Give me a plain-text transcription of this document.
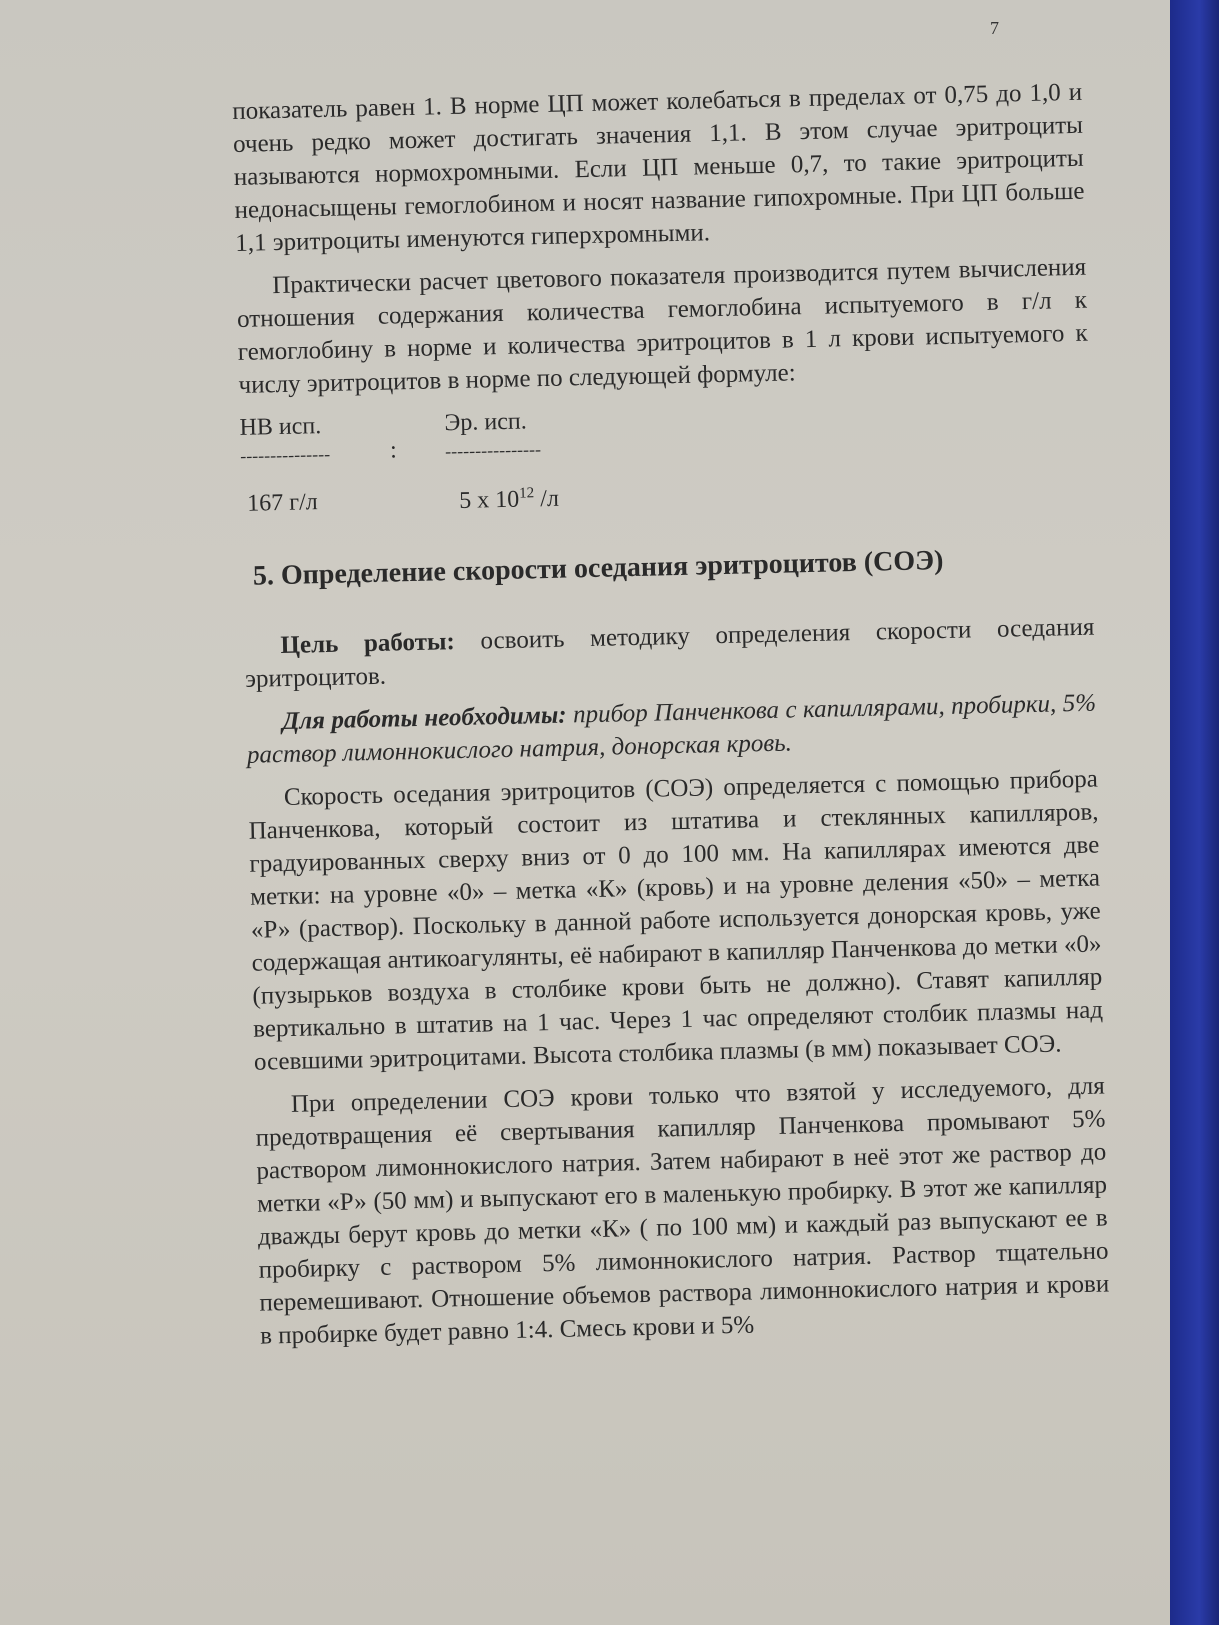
7

показатель равен 1. В норме ЦП может колебаться в пределах от 0,75 до 1,0 и очень редко может достигать значения 1,1. В этом случае эритроциты называются нормохромными. Если ЦП меньше 0,7, то такие эритроциты недонасыщены гемоглобином и носят название гипохромные. При ЦП больше 1,1 эритроциты именуются гиперхромными.

Практически расчет цветового показателя производится путем вычисления отношения содержания количества гемоглобина испытуемого в г/л к гемоглобину в норме и количества эритроцитов в 1 л крови испытуемого к числу эритроцитов в норме по следующей формуле:

НВ исп.	Эр. исп.
--------------- :	----------------
167 г/л	5 х $10^{12}$ /л
5. Определение скорости оседания эритроцитов (СОЭ)

Цель работы: освоить методику определения скорости оседания эритроцитов.

Для работы необходимы: прибор Панченкова с капиллярами, пробирки, 5% раствор лимоннокислого натрия, донорская кровь.

Скорость оседания эритроцитов (СОЭ) определяется с помощью прибора Панченкова, который состоит из штатива и стеклянных капилляров, градуированных сверху вниз от 0 до 100 мм. На капиллярах имеются две метки: на уровне «0» – метка «К» (кровь) и на уровне деления «50» – метка «Р» (раствор). Поскольку в данной работе используется донорская кровь, уже содержащая антикоагулянты, её набирают в капилляр Панченкова до метки «0» (пузырьков воздуха в столбике крови быть не должно). Ставят капилляр вертикально в штатив на 1 час. Через 1 час определяют столбик плазмы над осевшими эритроцитами. Высота столбика плазмы (в мм) показывает СОЭ.

При определении СОЭ крови только что взятой у исследуемого, для предотвращения её свертывания капилляр Панченкова промывают 5% раствором лимоннокислого натрия. Затем набирают в неё этот же раствор до метки «Р» (50 мм) и выпускают его в маленькую пробирку. В этот же капилляр дважды берут кровь до метки «К» ( по 100 мм) и каждый раз выпускают ее в пробирку с раствором 5% лимоннокислого натрия. Раствор тщательно перемешивают. Отношение объемов раствора лимоннокислого натрия и крови в пробирке будет равно 1:4. Смесь крови и 5%
